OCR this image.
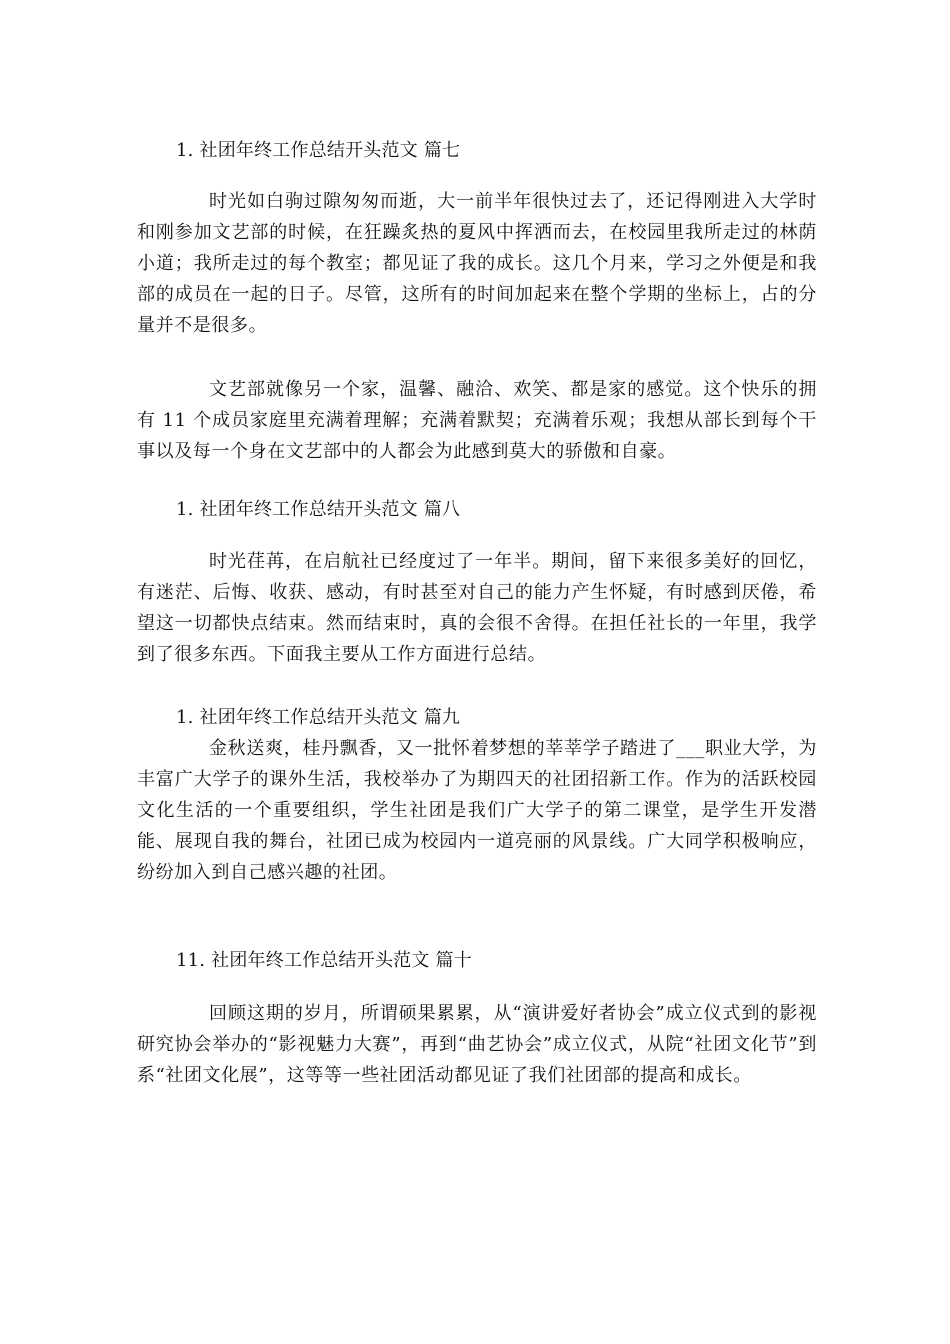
1. 社团年终工作总结开头范文 篇七

时光如白驹过隙匆匆而逝，大一前半年很快过去了，还记得刚进入大学时和刚参加文艺部的时候，在狂躁炙热的夏风中挥洒而去，在校园里我所走过的林荫小道；我所走过的每个教室；都见证了我的成长。这几个月来，学习之外便是和我部的成员在一起的日子。尽管，这所有的时间加起来在整个学期的坐标上，占的分量并不是很多。

文艺部就像另一个家，温馨、融洽、欢笑、都是家的感觉。这个快乐的拥有 11 个成员家庭里充满着理解；充满着默契；充满着乐观；我想从部长到每个干事以及每一个身在文艺部中的人都会为此感到莫大的骄傲和自豪。

1. 社团年终工作总结开头范文 篇八

时光荏苒，在启航社已经度过了一年半。期间，留下来很多美好的回忆，有迷茫、后悔、收获、感动，有时甚至对自己的能力产生怀疑，有时感到厌倦，希望这一切都快点结束。然而结束时，真的会很不舍得。在担任社长的一年里，我学到了很多东西。下面我主要从工作方面进行总结。

1. 社团年终工作总结开头范文 篇九

金秋送爽，桂丹飘香，又一批怀着梦想的莘莘学子踏进了___职业大学，为丰富广大学子的课外生活，我校举办了为期四天的社团招新工作。作为的活跃校园文化生活的一个重要组织，学生社团是我们广大学子的第二课堂，是学生开发潜能、展现自我的舞台，社团已成为校园内一道亮丽的风景线。广大同学积极响应，纷纷加入到自己感兴趣的社团。

11. 社团年终工作总结开头范文 篇十

回顾这期的岁月，所谓硕果累累，从“演讲爱好者协会”成立仪式到的影视研究协会举办的“影视魅力大赛”，再到“曲艺协会”成立仪式，从院“社团文化节”到系“社团文化展”，这等等一些社团活动都见证了我们社团部的提高和成长。
